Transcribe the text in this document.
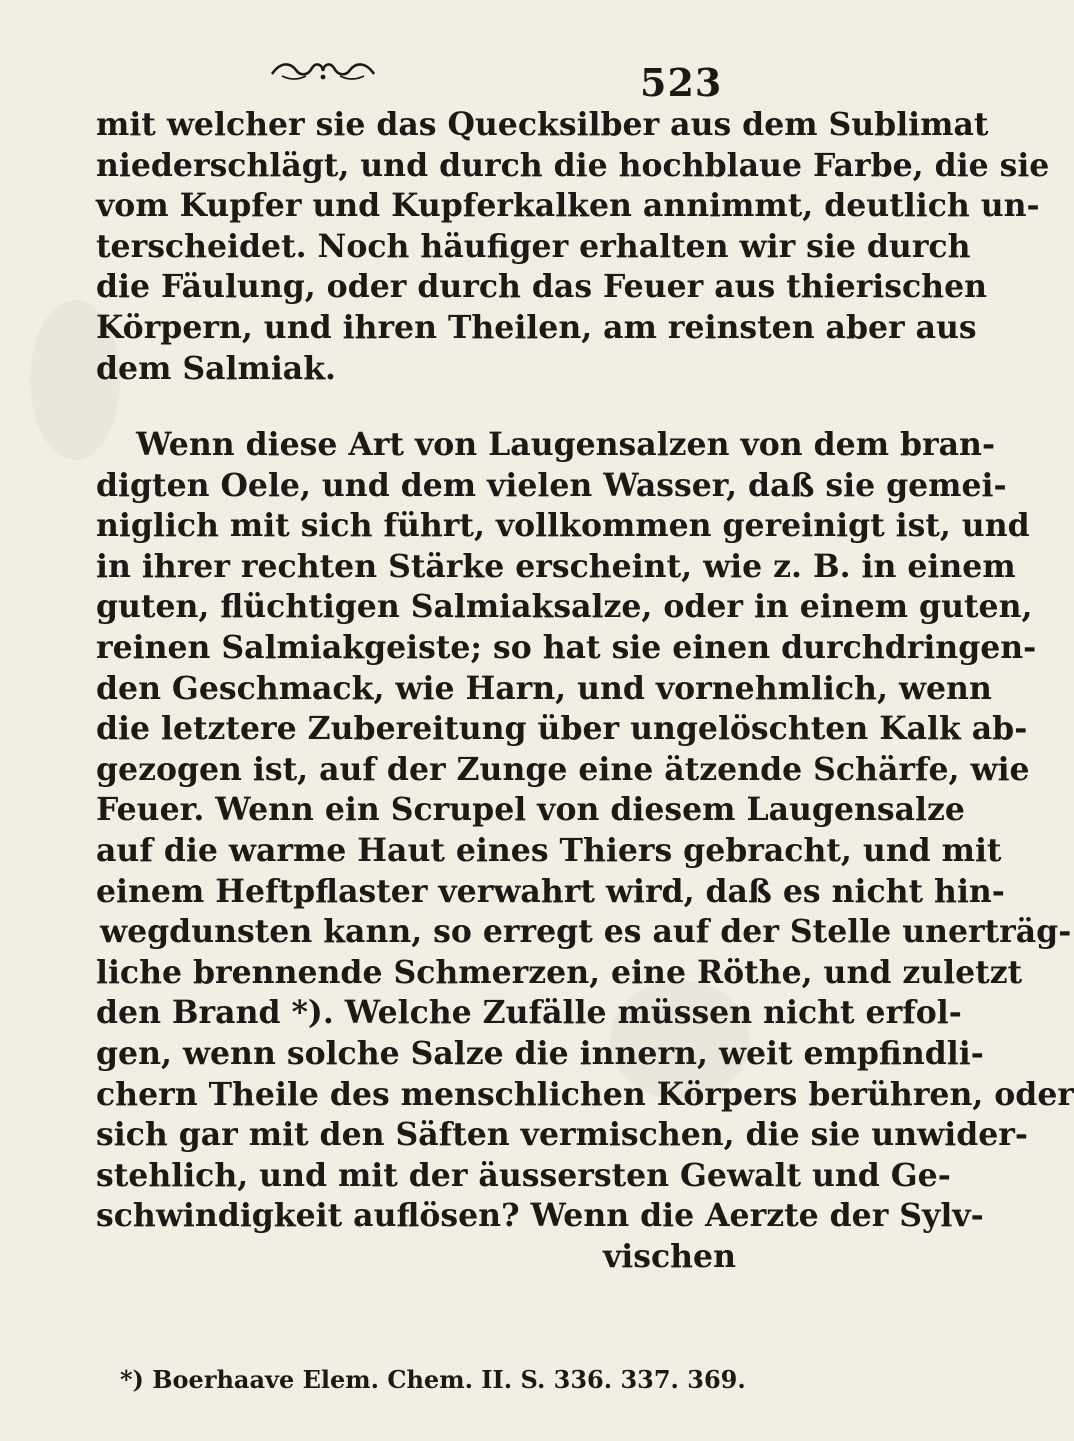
523
mit welcher sie das Quecksilber aus dem Sublimat
niederschlägt, und durch die hochblaue Farbe, die sie
vom Kupfer und Kupferkalken annimmt, deutlich un-
terscheidet. Noch häufiger erhalten wir sie durch
die Fäulung, oder durch das Feuer aus thierischen
Körpern, und ihren Theilen, am reinsten aber aus
dem Salmiak.
Wenn diese Art von Laugensalzen von dem bran-
digten Oele, und dem vielen Wasser, daß sie gemei-
niglich mit sich führt, vollkommen gereinigt ist, und
in ihrer rechten Stärke erscheint, wie z. B. in einem
guten, flüchtigen Salmiaksalze, oder in einem guten,
reinen Salmiakgeiste; so hat sie einen durchdringen-
den Geschmack, wie Harn, und vornehmlich, wenn
die letztere Zubereitung über ungelöschten Kalk ab-
gezogen ist, auf der Zunge eine ätzende Schärfe, wie
Feuer. Wenn ein Scrupel von diesem Laugensalze
auf die warme Haut eines Thiers gebracht, und mit
einem Heftpflaster verwahrt wird, daß es nicht hin-
wegdunsten kann, so erregt es auf der Stelle unerträg-
liche brennende Schmerzen, eine Röthe, und zuletzt
den Brand *). Welche Zufälle müssen nicht erfol-
gen, wenn solche Salze die innern, weit empfindli-
chern Theile des menschlichen Körpers berühren, oder
sich gar mit den Säften vermischen, die sie unwider-
stehlich, und mit der äussersten Gewalt und Ge-
schwindigkeit auflösen? Wenn die Aerzte der Sylv-
vischen
*) Boerhaave Elem. Chem. II. S. 336. 337. 369.
